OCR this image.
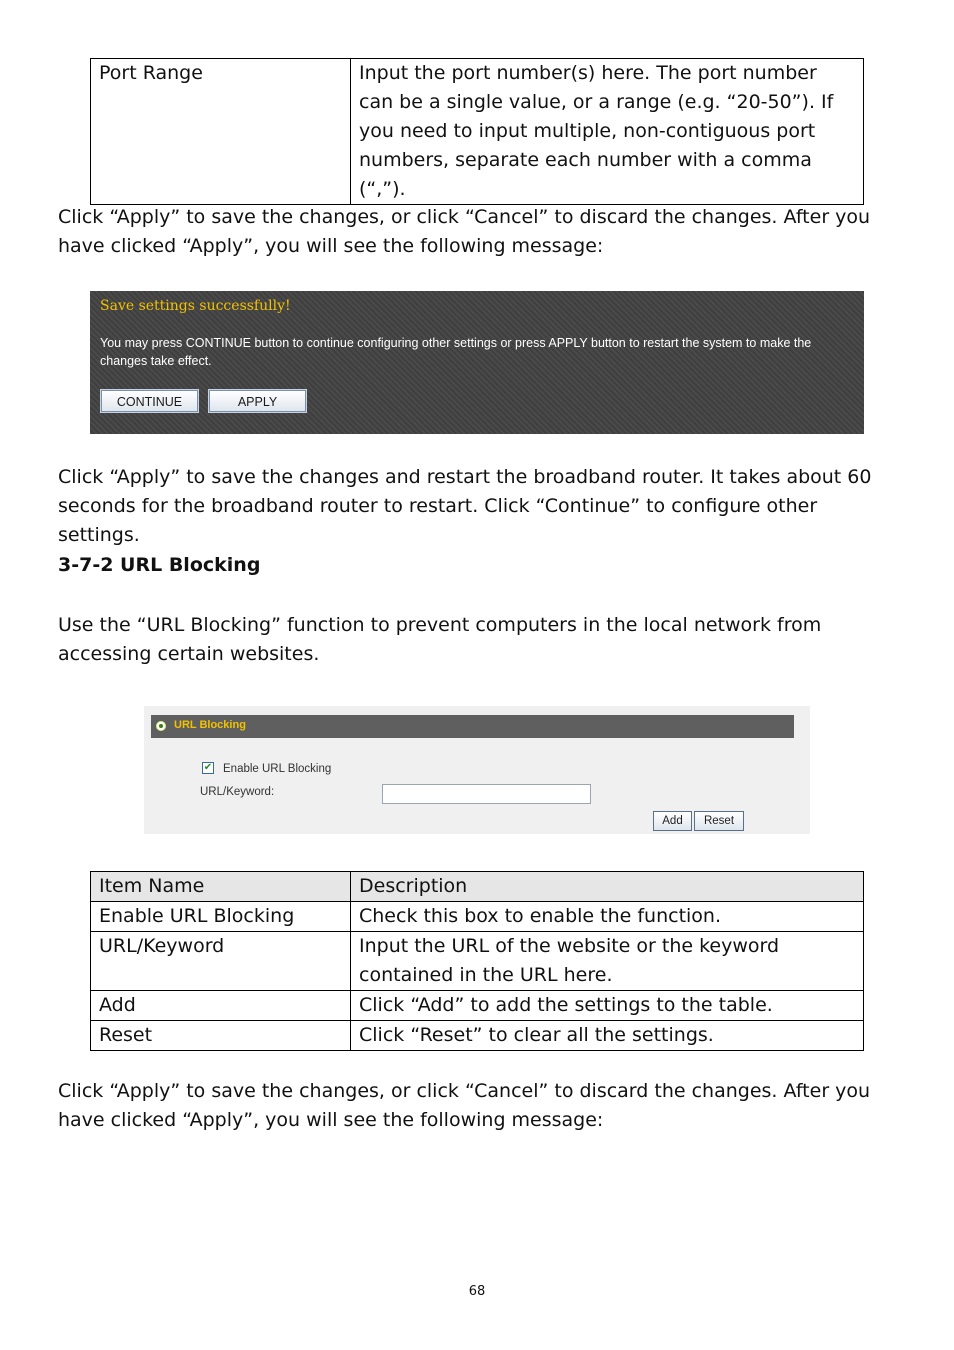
Port Range	Input the port number(s) here. The port number can be a single value, or a range (e.g. “20-50”). If you need to input multiple, non-contiguous port numbers, separate each number with a comma (“,”).
Click “Apply” to save the changes, or click “Cancel” to discard the changes. After you have clicked “Apply”, you will see the following message:
Save settings successfully!
You may press CONTINUE button to continue configuring other settings or press APPLY button to restart the system to make the changes take effect.
CONTINUE	APPLY
Click “Apply” to save the changes and restart the broadband router. It takes about 60 seconds for the broadband router to restart. Click “Continue” to configure other settings.
3-7-2 URL Blocking
Use the “URL Blocking” function to prevent computers in the local network from accessing certain websites.
URL Blocking
✔ Enable URL Blocking
URL/Keyword:
Add	Reset
Item Name	Description
Enable URL Blocking	Check this box to enable the function.
URL/Keyword	Input the URL of the website or the keyword contained in the URL here.
Add	Click “Add” to add the settings to the table.
Reset	Click “Reset” to clear all the settings.
Click “Apply” to save the changes, or click “Cancel” to discard the changes. After you have clicked “Apply”, you will see the following message:
68
